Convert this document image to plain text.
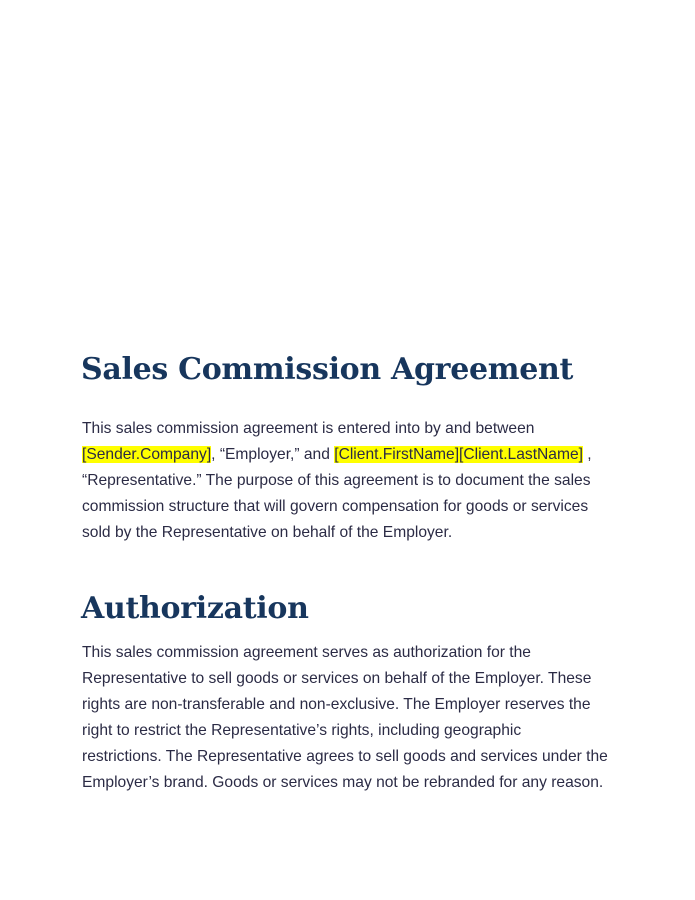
Sales Commission Agreement
This sales commission agreement is entered into by and between
[Sender.Company], “Employer,” and [Client.FirstName][Client.LastName] ,
“Representative.” The purpose of this agreement is to document the sales
commission structure that will govern compensation for goods or services
sold by the Representative on behalf of the Employer.
Authorization
This sales commission agreement serves as authorization for the
Representative to sell goods or services on behalf of the Employer. These
rights are non-transferable and non-exclusive. The Employer reserves the
right to restrict the Representative’s rights, including geographic
restrictions. The Representative agrees to sell goods and services under the
Employer’s brand. Goods or services may not be rebranded for any reason.
